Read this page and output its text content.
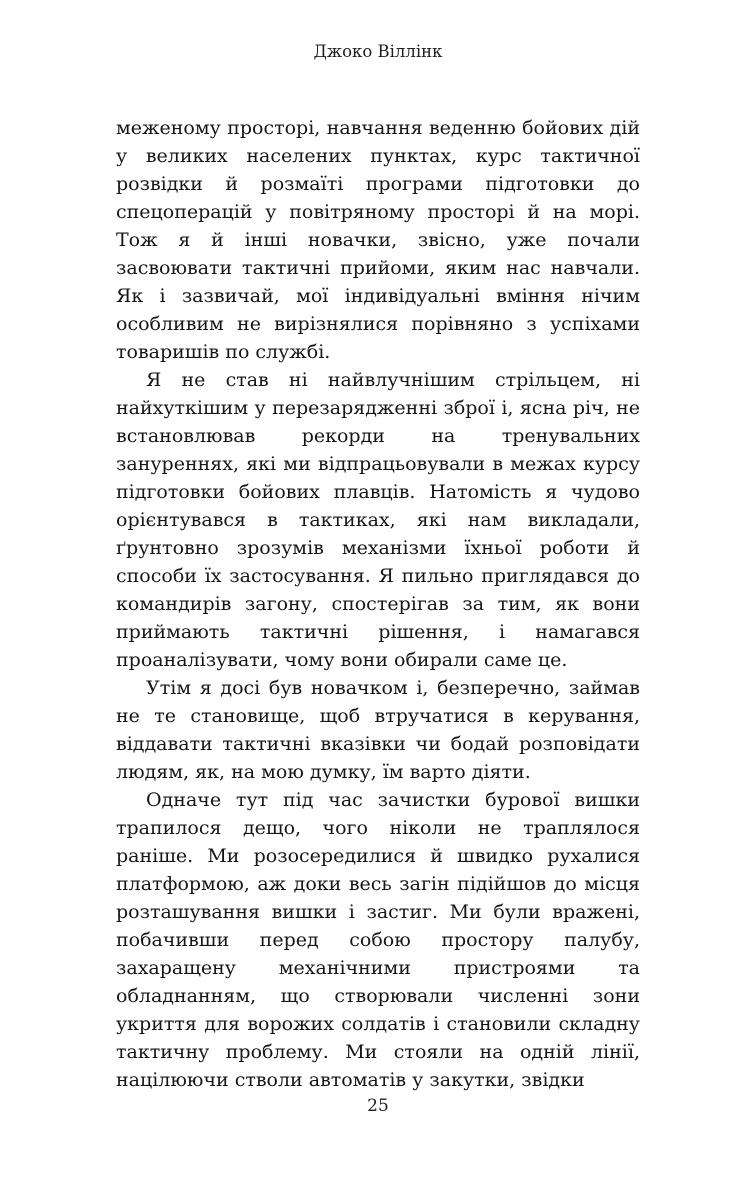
Джоко Віллінк

меженому просторі, навчання веденню бойових дій у великих населених пунктах, курс тактичної розвідки й розмаїті програми підготовки до спецоперацій у повітряному просторі й на морі. Тож я й інші новачки, звісно, уже почали засвоювати тактичні прийоми, яким нас навчали. Як і зазвичай, мої індивідуальні вміння нічим особливим не вирізнялися порівняно з успіхами товаришів по службі.

Я не став ні найвлучнішим стрільцем, ні найхуткішим у перезарядженні зброї і, ясна річ, не встановлював рекорди на тренувальних зануреннях, які ми відпрацьовували в межах курсу підготовки бойових плавців. Натомість я чудово орієнтувався в тактиках, які нам викладали, ґрунтовно зрозумів механізми їхньої роботи й способи їх застосування. Я пильно приглядався до командирів загону, спостерігав за тим, як вони приймають тактичні рішення, і намагався проаналізувати, чому вони обирали саме це.

Утім я досі був новачком і, безперечно, займав не те становище, щоб втручатися в керування, віддавати тактичні вказівки чи бодай розповідати людям, як, на мою думку, їм варто діяти.

Одначе тут під час зачистки бурової вишки трапилося дещо, чого ніколи не траплялося раніше. Ми розосередилися й швидко рухалися платформою, аж доки весь загін підійшов до місця розташування вишки і застиг. Ми були вражені, побачивши перед собою простору палубу, захаращену механічними пристроями та обладнанням, що створювали численні зони укриття для ворожих солдатів і становили складну тактичну проблему. Ми стояли на одній лінії, націлюючи стволи автоматів у закутки, звідки

25
